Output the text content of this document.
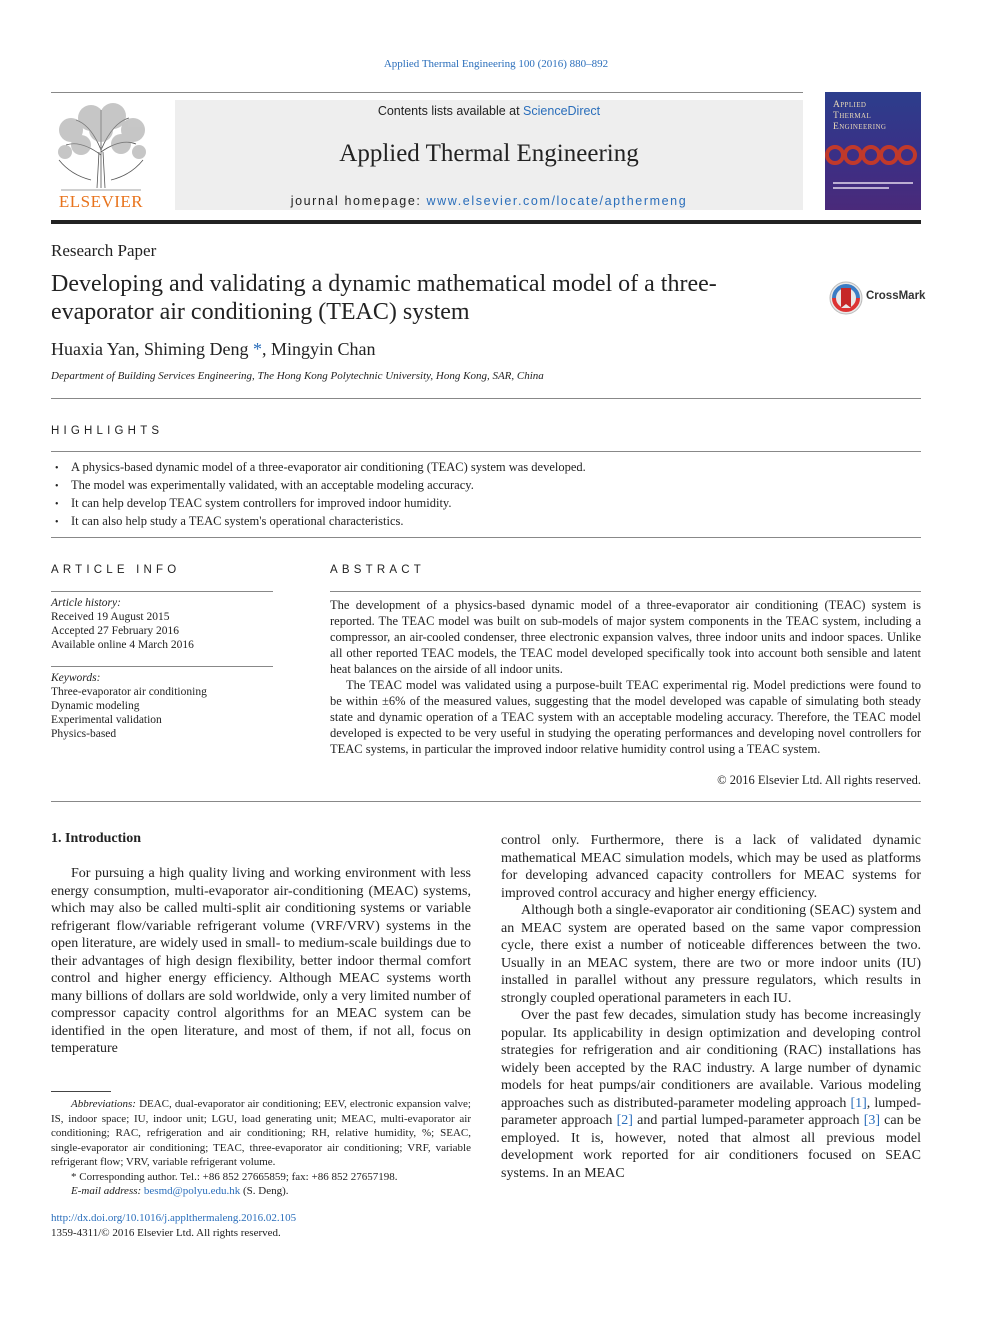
Applied Thermal Engineering 100 (2016) 880–892
ELSEVIER
Contents lists available at ScienceDirect
Applied Thermal Engineering
journal homepage: www.elsevier.com/locate/apthermeng
Applied
Thermal
Engineering
Research Paper
Developing and validating a dynamic mathematical model of a three-evaporator air conditioning (TEAC) system
CrossMark
Huaxia Yan, Shiming Deng *, Mingyin Chan
Department of Building Services Engineering, The Hong Kong Polytechnic University, Hong Kong, SAR, China
HIGHLIGHTS
• A physics-based dynamic model of a three-evaporator air conditioning (TEAC) system was developed.
• The model was experimentally validated, with an acceptable modeling accuracy.
• It can help develop TEAC system controllers for improved indoor humidity.
• It can also help study a TEAC system's operational characteristics.
ARTICLE INFO
Article history:
Received 19 August 2015
Accepted 27 February 2016
Available online 4 March 2016
Keywords:
Three-evaporator air conditioning
Dynamic modeling
Experimental validation
Physics-based
ABSTRACT

The development of a physics-based dynamic model of a three-evaporator air conditioning (TEAC) system is reported. The TEAC model was built on sub-models of major system components in the TEAC system, including a compressor, an air-cooled condenser, three electronic expansion valves, three indoor units and indoor spaces. Unlike all other reported TEAC models, the TEAC model developed specifically took into account both sensible and latent heat balances on the airside of all indoor units.

The TEAC model was validated using a purpose-built TEAC experimental rig. Model predictions were found to be within ±6% of the measured values, suggesting that the model developed was capable of simulating both steady state and dynamic operation of a TEAC system with an acceptable modeling accuracy. Therefore, the TEAC model developed is expected to be very useful in studying the operating performances and developing novel controllers for TEAC systems, in particular the improved indoor relative humidity control using a TEAC system.

© 2016 Elsevier Ltd. All rights reserved.
1. Introduction
For pursuing a high quality living and working environment with less energy consumption, multi-evaporator air-conditioning (MEAC) systems, which may also be called multi-split air conditioning systems or variable refrigerant flow/variable refrigerant volume (VRF/VRV) systems in the open literature, are widely used in small- to medium-scale buildings due to their advantages of high design flexibility, better indoor thermal comfort control and higher energy efficiency. Although MEAC systems worth many billions of dollars are sold worldwide, only a very limited number of compressor capacity control algorithms for an MEAC system can be identified in the open literature, and most of them, if not all, focus on temperature

control only. Furthermore, there is a lack of validated dynamic mathematical MEAC simulation models, which may be used as platforms for developing advanced capacity controllers for MEAC systems for improved control accuracy and higher energy efficiency.

Although both a single-evaporator air conditioning (SEAC) system and an MEAC system are operated based on the same vapor compression cycle, there exist a number of noticeable differences between the two. Usually in an MEAC system, there are two or more indoor units (IU) installed in parallel without any pressure regulators, which results in strongly coupled operational parameters in each IU.

Over the past few decades, simulation study has become increasingly popular. Its applicability in design optimization and developing control strategies for refrigeration and air conditioning (RAC) installations has widely been accepted by the RAC industry. A large number of dynamic models for heat pumps/air conditioners are available. Various modeling approaches such as distributed-parameter modeling approach [1], lumped-parameter approach [2] and partial lumped-parameter approach [3] can be employed. It is, however, noted that almost all previous model development work reported for air conditioners focused on SEAC systems. In an MEAC

Abbreviations: DEAC, dual-evaporator air conditioning; EEV, electronic expansion valve; IS, indoor space; IU, indoor unit; LGU, load generating unit; MEAC, multi-evaporator air conditioning; RAC, refrigeration and air conditioning; RH, relative humidity, %; SEAC, single-evaporator air conditioning; TEAC, three-evaporator air conditioning; VRF, variable refrigerant flow; VRV, variable refrigerant volume.
* Corresponding author. Tel.: +86 852 27665859; fax: +86 852 27657198.
E-mail address: besmd@polyu.edu.hk (S. Deng).
http://dx.doi.org/10.1016/j.applthermaleng.2016.02.105
1359-4311/© 2016 Elsevier Ltd. All rights reserved.
